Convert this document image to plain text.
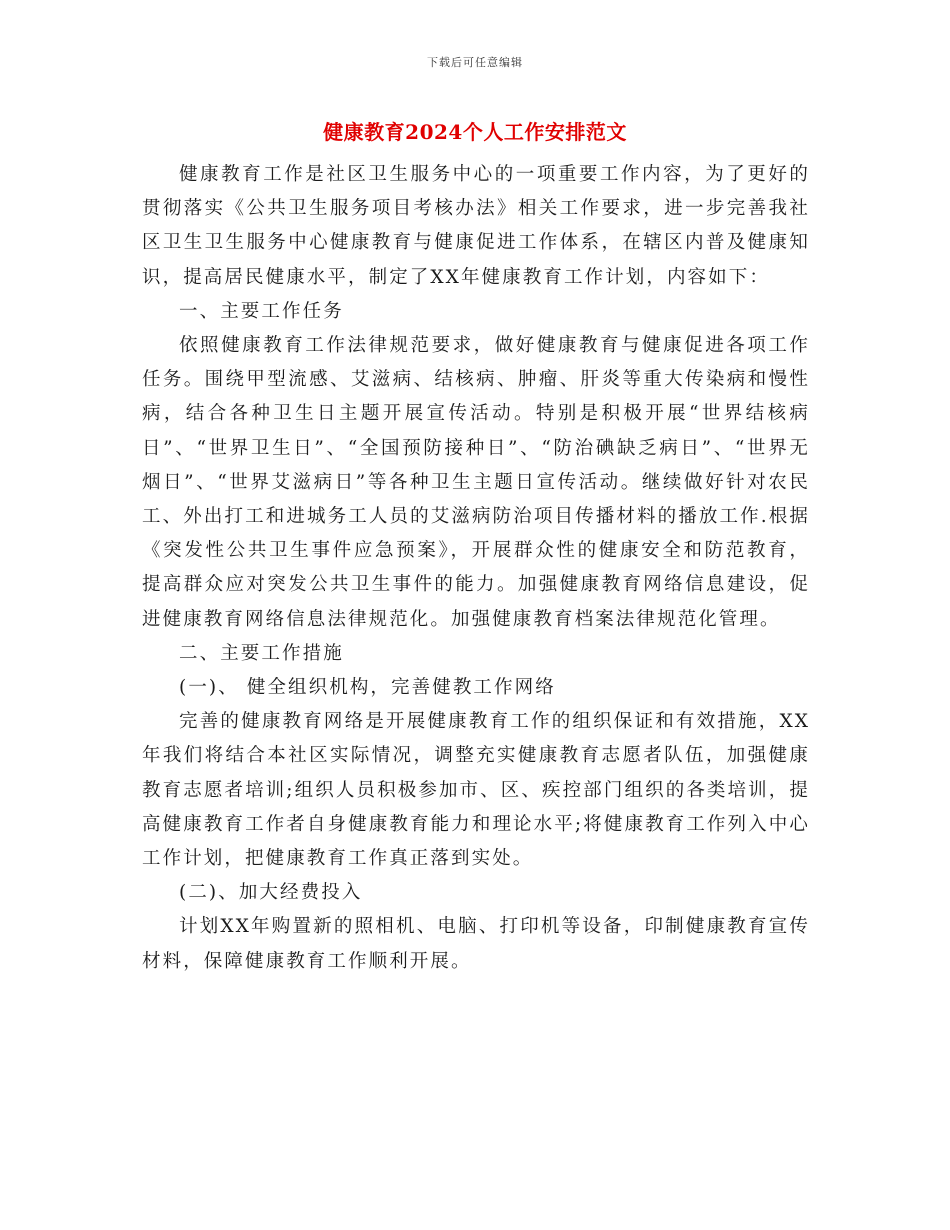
下载后可任意编辑
健康教育2024个人工作安排范文

健康教育工作是社区卫生服务中心的一项重要工作内容，为了更好的贯彻落实《公共卫生服务项目考核办法》相关工作要求，进一步完善我社区卫生卫生服务中心健康教育与健康促进工作体系，在辖区内普及健康知识，提高居民健康水平，制定了XX年健康教育工作计划，内容如下：

一、主要工作任务

依照健康教育工作法律规范要求，做好健康教育与健康促进各项工作任务。围绕甲型流感、艾滋病、结核病、肿瘤、肝炎等重大传染病和慢性病，结合各种卫生日主题开展宣传活动。特别是积极开展“世界结核病日”、“世界卫生日”、“全国预防接种日”、“防治碘缺乏病日”、“世界无烟日”、“世界艾滋病日”等各种卫生主题日宣传活动。继续做好针对农民工、外出打工和进城务工人员的艾滋病防治项目传播材料的播放工作.根据《突发性公共卫生事件应急预案》，开展群众性的健康安全和防范教育，提高群众应对突发公共卫生事件的能力。加强健康教育网络信息建设，促进健康教育网络信息法律规范化。加强健康教育档案法律规范化管理。

二、主要工作措施

(一)、 健全组织机构，完善健教工作网络

完善的健康教育网络是开展健康教育工作的组织保证和有效措施，XX年我们将结合本社区实际情况，调整充实健康教育志愿者队伍，加强健康教育志愿者培训;组织人员积极参加市、区、疾控部门组织的各类培训，提高健康教育工作者自身健康教育能力和理论水平;将健康教育工作列入中心工作计划，把健康教育工作真正落到实处。

(二)、加大经费投入

计划XX年购置新的照相机、电脑、打印机等设备，印制健康教育宣传材料，保障健康教育工作顺利开展。
